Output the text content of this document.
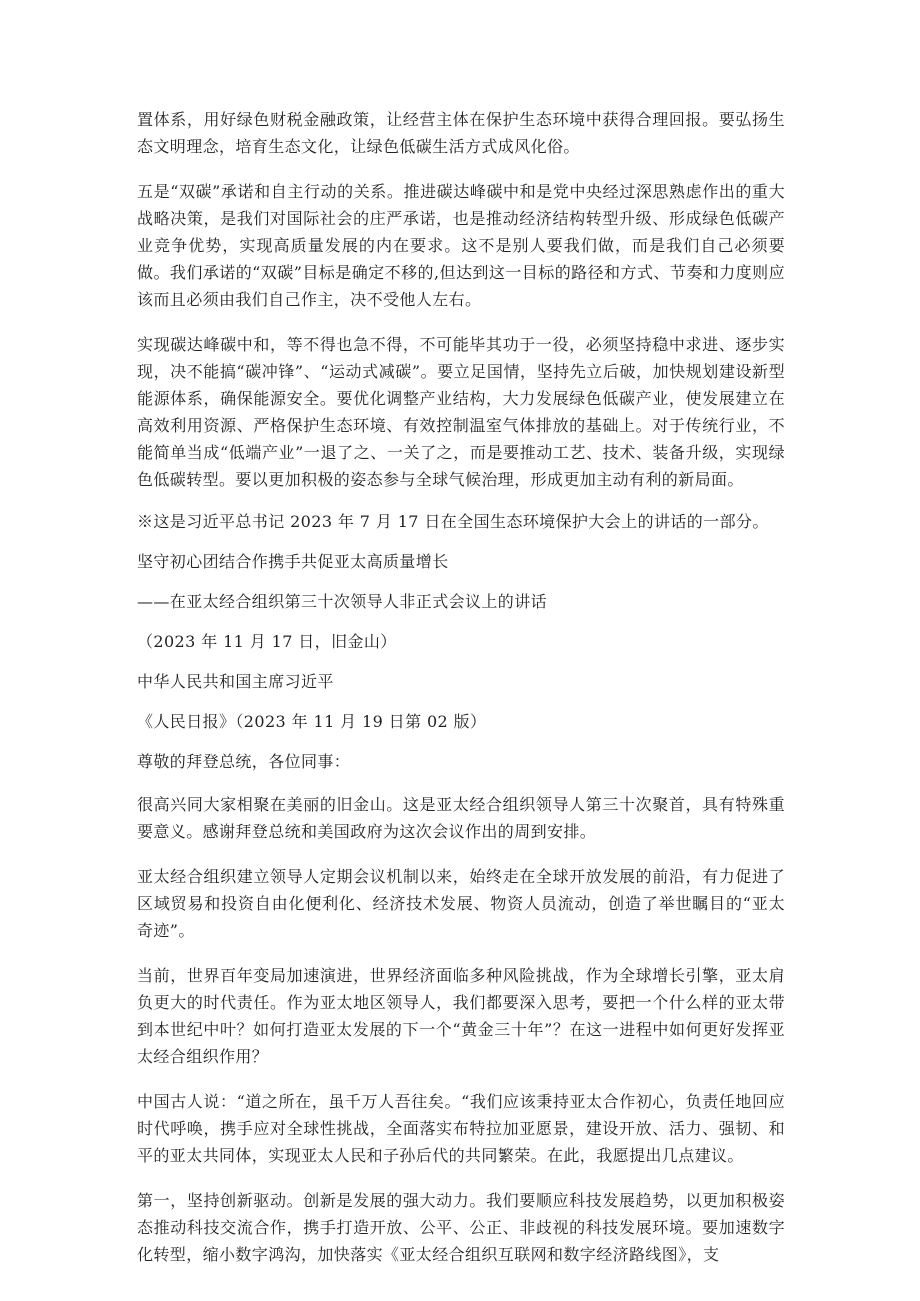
置体系，用好绿色财税金融政策，让经营主体在保护生态环境中获得合理回报。要弘扬生态文明理念，培育生态文化，让绿色低碳生活方式成风化俗。

五是“双碳”承诺和自主行动的关系。推进碳达峰碳中和是党中央经过深思熟虑作出的重大战略决策，是我们对国际社会的庄严承诺，也是推动经济结构转型升级、形成绿色低碳产业竞争优势，实现高质量发展的内在要求。这不是别人要我们做，而是我们自己必须要做。我们承诺的“双碳”目标是确定不移的,但达到这一目标的路径和方式、节奏和力度则应该而且必须由我们自己作主，决不受他人左右。

实现碳达峰碳中和，等不得也急不得，不可能毕其功于一役，必须坚持稳中求进、逐步实现，决不能搞“碳冲锋”、“运动式减碳”。要立足国情，坚持先立后破，加快规划建设新型能源体系，确保能源安全。要优化调整产业结构，大力发展绿色低碳产业，使发展建立在高效利用资源、严格保护生态环境、有效控制温室气体排放的基础上。对于传统行业，不能简单当成“低端产业”一退了之、一关了之，而是要推动工艺、技术、装备升级，实现绿色低碳转型。要以更加积极的姿态参与全球气候治理，形成更加主动有利的新局面。

※这是习近平总书记 2023 年 7 月 17 日在全国生态环境保护大会上的讲话的一部分。

坚守初心团结合作携手共促亚太高质量增长

——在亚太经合组织第三十次领导人非正式会议上的讲话

（2023 年 11 月 17 日，旧金山）

中华人民共和国主席习近平

《人民日报》（2023 年 11 月 19 日第 02 版）

尊敬的拜登总统，各位同事：

很高兴同大家相聚在美丽的旧金山。这是亚太经合组织领导人第三十次聚首，具有特殊重要意义。感谢拜登总统和美国政府为这次会议作出的周到安排。

亚太经合组织建立领导人定期会议机制以来，始终走在全球开放发展的前沿，有力促进了区域贸易和投资自由化便利化、经济技术发展、物资人员流动，创造了举世瞩目的“亚太奇迹”。

当前，世界百年变局加速演进，世界经济面临多种风险挑战，作为全球增长引擎，亚太肩负更大的时代责任。作为亚太地区领导人，我们都要深入思考，要把一个什么样的亚太带到本世纪中叶？如何打造亚太发展的下一个“黄金三十年”？在这一进程中如何更好发挥亚太经合组织作用？

中国古人说：“道之所在，虽千万人吾往矣。“我们应该秉持亚太合作初心，负责任地回应时代呼唤，携手应对全球性挑战，全面落实布特拉加亚愿景，建设开放、活力、强韧、和平的亚太共同体，实现亚太人民和子孙后代的共同繁荣。在此，我愿提出几点建议。

第一，坚持创新驱动。创新是发展的强大动力。我们要顺应科技发展趋势，以更加积极姿态推动科技交流合作，携手打造开放、公平、公正、非歧视的科技发展环境。要加速数字化转型，缩小数字鸿沟，加快落实《亚太经合组织互联网和数字经济路线图》，支
